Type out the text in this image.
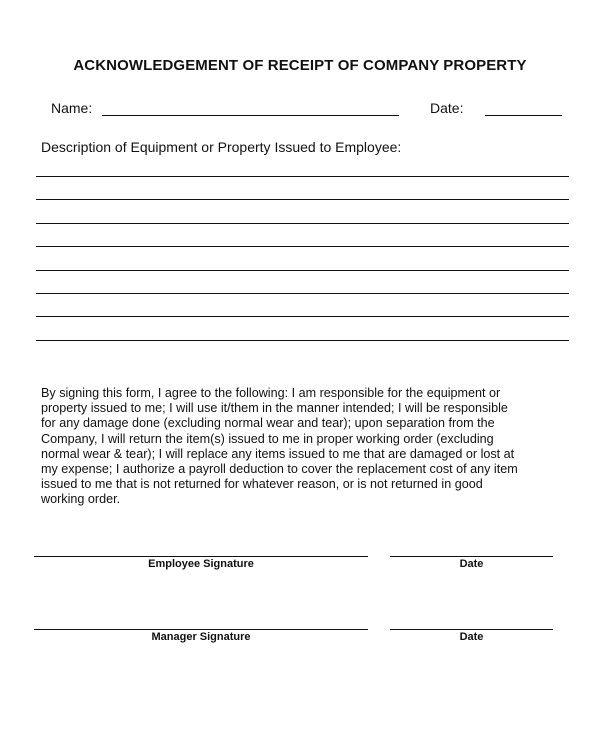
ACKNOWLEDGEMENT OF RECEIPT OF COMPANY PROPERTY
Name:	Date:
Description of Equipment or Property Issued to Employee:
By signing this form, I agree to the following: I am responsible for the equipment or
property issued to me; I will use it/them in the manner intended; I will be responsible
for any damage done (excluding normal wear and tear); upon separation from the
Company, I will return the item(s) issued to me in proper working order (excluding
normal wear & tear); I will replace any items issued to me that are damaged or lost at
my expense; I authorize a payroll deduction to cover the replacement cost of any item
issued to me that is not returned for whatever reason, or is not returned in good
working order.
Employee Signature	Date
Manager Signature	Date
